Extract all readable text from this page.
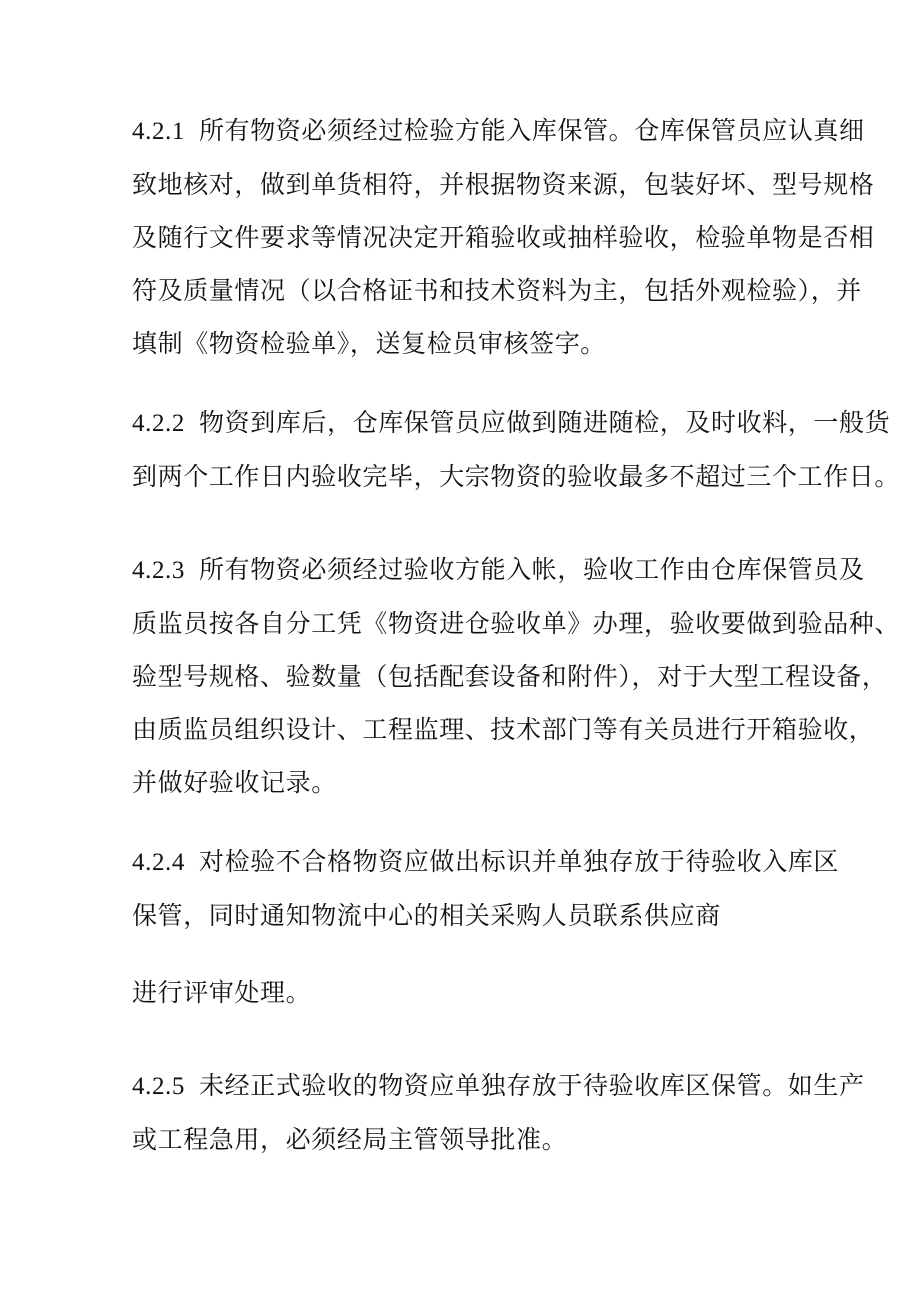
4.2.1 所有物资必须经过检验方能入库保管。仓库保管员应认真细
致地核对，做到单货相符，并根据物资来源，包装好坏、型号规格
及随行文件要求等情况决定开箱验收或抽样验收，检验单物是否相
符及质量情况（以合格证书和技术资料为主，包括外观检验），并
填制《物资检验单》，送复检员审核签字。

4.2.2 物资到库后，仓库保管员应做到随进随检，及时收料，一般货
到两个工作日内验收完毕，大宗物资的验收最多不超过三个工作日。

4.2.3 所有物资必须经过验收方能入帐，验收工作由仓库保管员及
质监员按各自分工凭《物资进仓验收单》办理，验收要做到验品种、
验型号规格、验数量（包括配套设备和附件），对于大型工程设备，
由质监员组织设计、工程监理、技术部门等有关员进行开箱验收，
并做好验收记录。

4.2.4 对检验不合格物资应做出标识并单独存放于待验收入库区
保管，同时通知物流中心的相关采购人员联系供应商

进行评审处理。

4.2.5 未经正式验收的物资应单独存放于待验收库区保管。如生产
或工程急用，必须经局主管领导批准。
